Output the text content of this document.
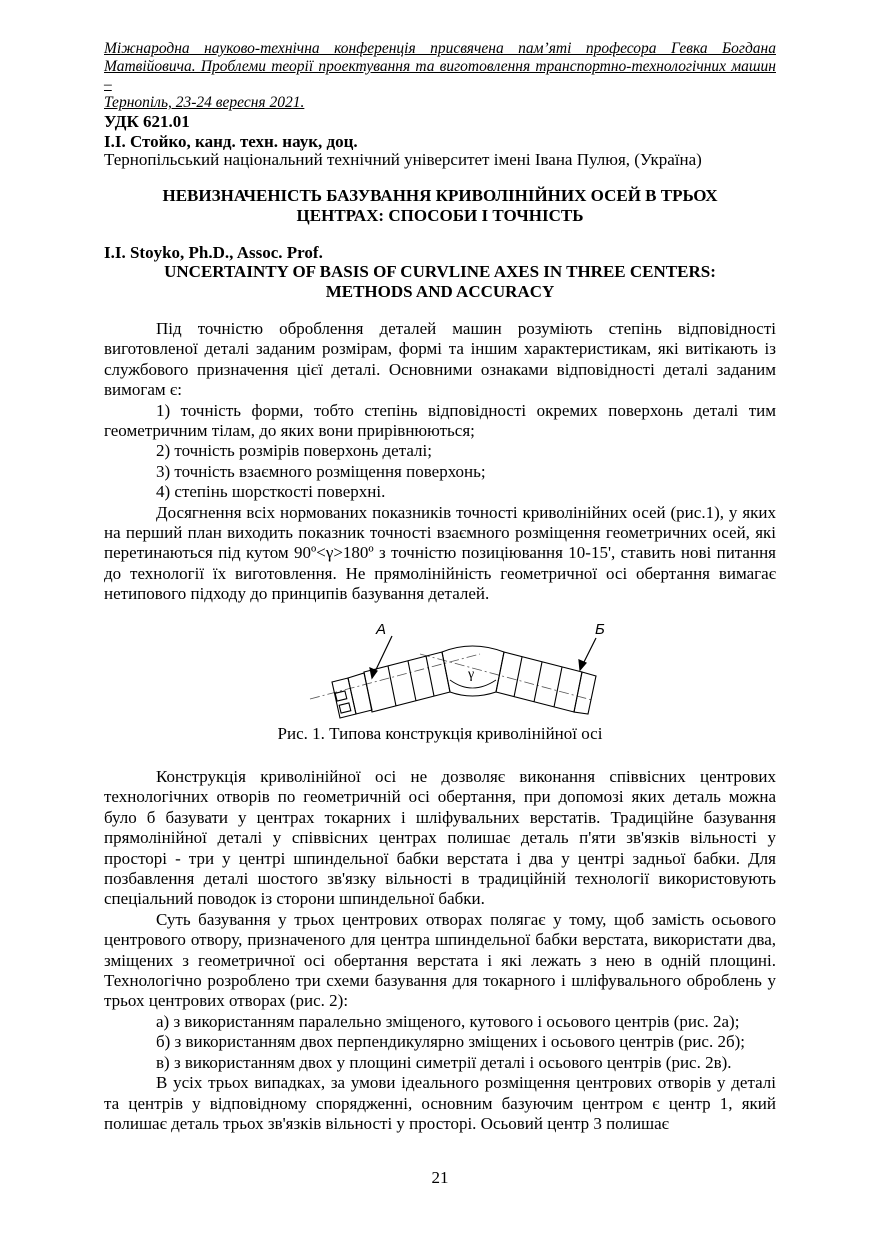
Міжнародна науково-технічна конференція присвячена пам’яті професора Гевка Богдана
Матвійовича. Проблеми теорії проектування та виготовлення транспортно-технологічних машин –
Тернопіль, 23-24 вересня 2021.
УДК 621.01
І.І. Стойко, канд. техн. наук, доц.
Тернопільський національний технічний університет імені Івана Пулюя, (Україна)
НЕВИЗНАЧЕНІСТЬ БАЗУВАННЯ КРИВОЛІНІЙНИХ ОСЕЙ В ТРЬОХ
ЦЕНТРАХ: СПОСОБИ І ТОЧНІСТЬ
I.I. Stoyko, Ph.D., Assoc. Prof.
UNCERTAINTY OF BASIS OF CURVLINE AXES IN THREE CENTERS:
METHODS AND ACCURACY

Під точністю оброблення деталей машин розуміють степінь відповідності виготовленої деталі заданим розмірам, формі та іншим характеристикам, які витікають із службового призначення цієї деталі. Основними ознаками відповідності деталі заданим вимогам є:

1) точність форми, тобто степінь відповідності окремих поверхонь деталі тим геометричним тілам, до яких вони прирівнюються;

2) точність розмірів поверхонь деталі;

3) точність взаємного розміщення поверхонь;

4) степінь шорсткості поверхні.

Досягнення всіх нормованих показників точності криволінійних осей (рис.1), у яких на перший план виходить показник точності взаємного розміщення геометричних осей, які перетинаються під кутом 90º<γ>180º з точністю позиціювання 10-15', ставить нові питання до технології їх виготовлення. Не прямолінійність геометричної осі обертання вимагає нетипового підходу до принципів базування деталей.

А	Б
γ
Рис. 1. Типова конструкція криволінійної осі

Конструкція криволінійної осі не дозволяє виконання співвісних центрових технологічних отворів по геометричній осі обертання, при допомозі яких деталь можна було б базувати у центрах токарних і шліфувальних верстатів. Традиційне базування прямолінійної деталі у співвісних центрах полишає деталь п'яти зв'язків вільності у просторі - три у центрі шпиндельної бабки верстата і два у центрі задньої бабки. Для позбавлення деталі шостого зв'язку вільності в традиційній технології використовують спеціальний поводок із сторони шпиндельної бабки.

Суть базування у трьох центрових отворах полягає у тому, щоб замість осьового центрового отвору, призначеного для центра шпиндельної бабки верстата, використати два, зміщених з геометричної осі обертання верстата і які лежать з нею в одній площині. Технологічно розроблено три схеми базування для токарного і шліфувального оброблень у трьох центрових отворах (рис. 2):

а) з використанням паралельно зміщеного, кутового і осьового центрів (рис. 2а);

б) з використанням двох перпендикулярно зміщених і осьового центрів (рис. 2б);

в) з використанням двох у площині симетрії деталі і осьового центрів (рис. 2в).

В усіх трьох випадках, за умови ідеального розміщення центрових отворів у деталі та центрів у відповідному спорядженні, основним базуючим центром є центр 1, який полишає деталь трьох зв'язків вільності у просторі. Осьовий центр 3 полишає

21
